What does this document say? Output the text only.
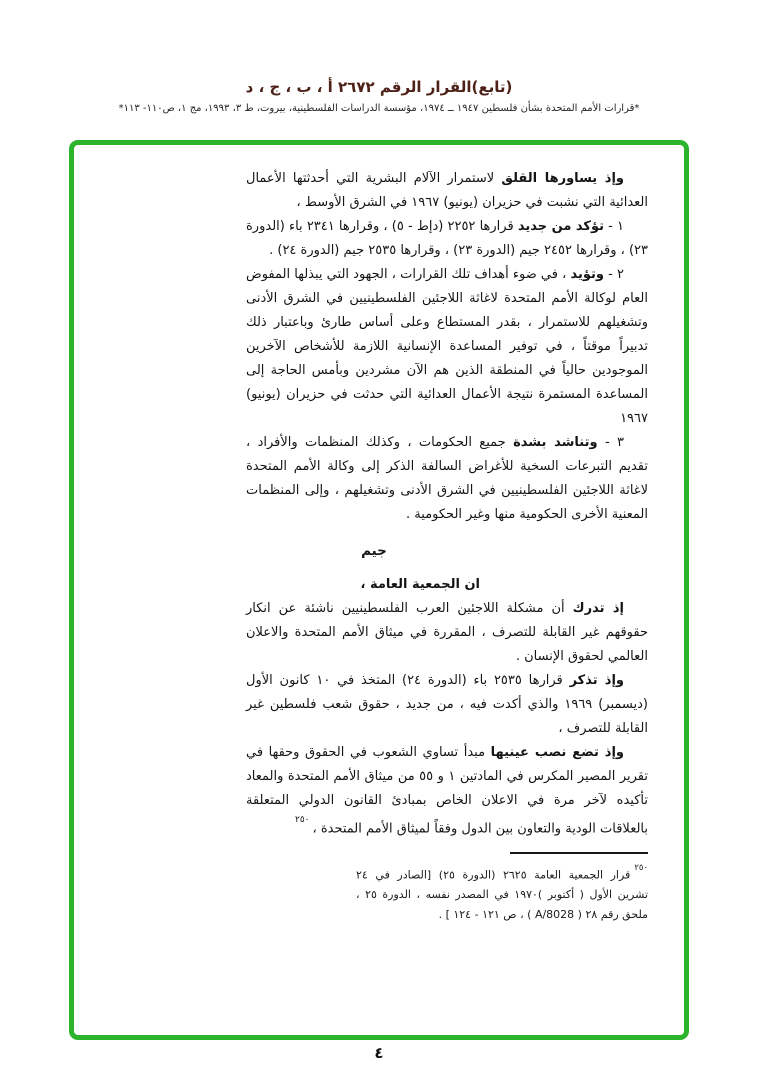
(تابع)القرار الرقم ٢٦٧٢ أ ، ب ، ج ، د
*قرارات الأمم المتحدة بشأن فلسطين ١٩٤٧ ــ ١٩٧٤، مؤسسة الدراسات الفلسطينية، بيروت، ط ٣، ١٩٩٣، مج ١، ص١١٠- ١١٣*

وإذ يساورها القلق لاستمرار الآلام البشرية التي أحدثتها الأعمال العدائية التي نشبت في حزيران (يونيو) ١٩٦٧ في الشرق الأوسط ،

١ - تؤكد من جديد قرارها ٢٢٥٢ (دإط - ٥) ، وقرارها ٢٣٤١ باء (الدورة ٢٣) ، وقرارها ٢٤٥٢ جيم (الدورة ٢٣) ، وقرارها ٢٥٣٥ جيم (الدورة ٢٤) .

٢ - وتؤيد ، في ضوء أهداف تلك القرارات ، الجهود التي يبذلها المفوض العام لوكالة الأمم المتحدة لاغاثة اللاجئين الفلسطينيين في الشرق الأدنى وتشغيلهم للاستمرار ، بقدر المستطاع وعلى أساس طارئ وباعتبار ذلك تدبيراً موقتاً ، في توفير المساعدة الإنسانية اللازمة للأشخاص الآخرين الموجودين حالياً في المنطقة الذين هم الآن مشردين وبأمس الحاجة إلى المساعدة المستمرة نتيجة الأعمال العدائية التي حدثت في حزيران (يونيو) ١٩٦٧

٣ - وتناشد بشدة جميع الحكومات ، وكذلك المنظمات والأفراد ، تقديم التبرعات السخية للأغراض السالفة الذكر إلى وكالة الأمم المتحدة لاغاثة اللاجئين الفلسطينيين في الشرق الأدنى وتشغيلهم ، وإلى المنظمات المعنية الأخرى الحكومية منها وغير الحكومية .

جيم

ان الجمعية العامة ،

إذ تدرك أن مشكلة اللاجئين العرب الفلسطينيين ناشئة عن انكار حقوقهم غير القابلة للتصرف ، المقررة في ميثاق الأمم المتحدة والاعلان العالمي لحقوق الإنسان .

وإذ تذكر قرارها ٢٥٣٥ باء (الدورة ٢٤) المتخذ في ١٠ كانون الأول (ديسمبر) ١٩٦٩ والذي أكدت فيه ، من جديد ، حقوق شعب فلسطين غير القابلة للتصرف ،

وإذ تضع نصب عينيها مبدأ تساوي الشعوب في الحقوق وحقها في تقرير المصير المكرس في المادتين ١ و ٥٥ من ميثاق الأمم المتحدة والمعاد تأكيده لآخر مرة في الاعلان الخاص بمبادئ القانون الدولي المتعلقة بالعلاقات الودية والتعاون بين الدول وفقاً لميثاق الأمم المتحدة ،$^{٢٥٠}$

$^{٢٥٠}$قرار الجمعية العامة ٢٦٢٥ (الدورة ٢٥) [الصادر في ٢٤ تشرين الأول ( أكتوبر )١٩٧٠ في المصدر نفسه ، الدورة ٢٥ ، ملحق رقم ٢٨ ( A/8028 ) ، ص ١٢١ - ١٢٤ ] .
٤
